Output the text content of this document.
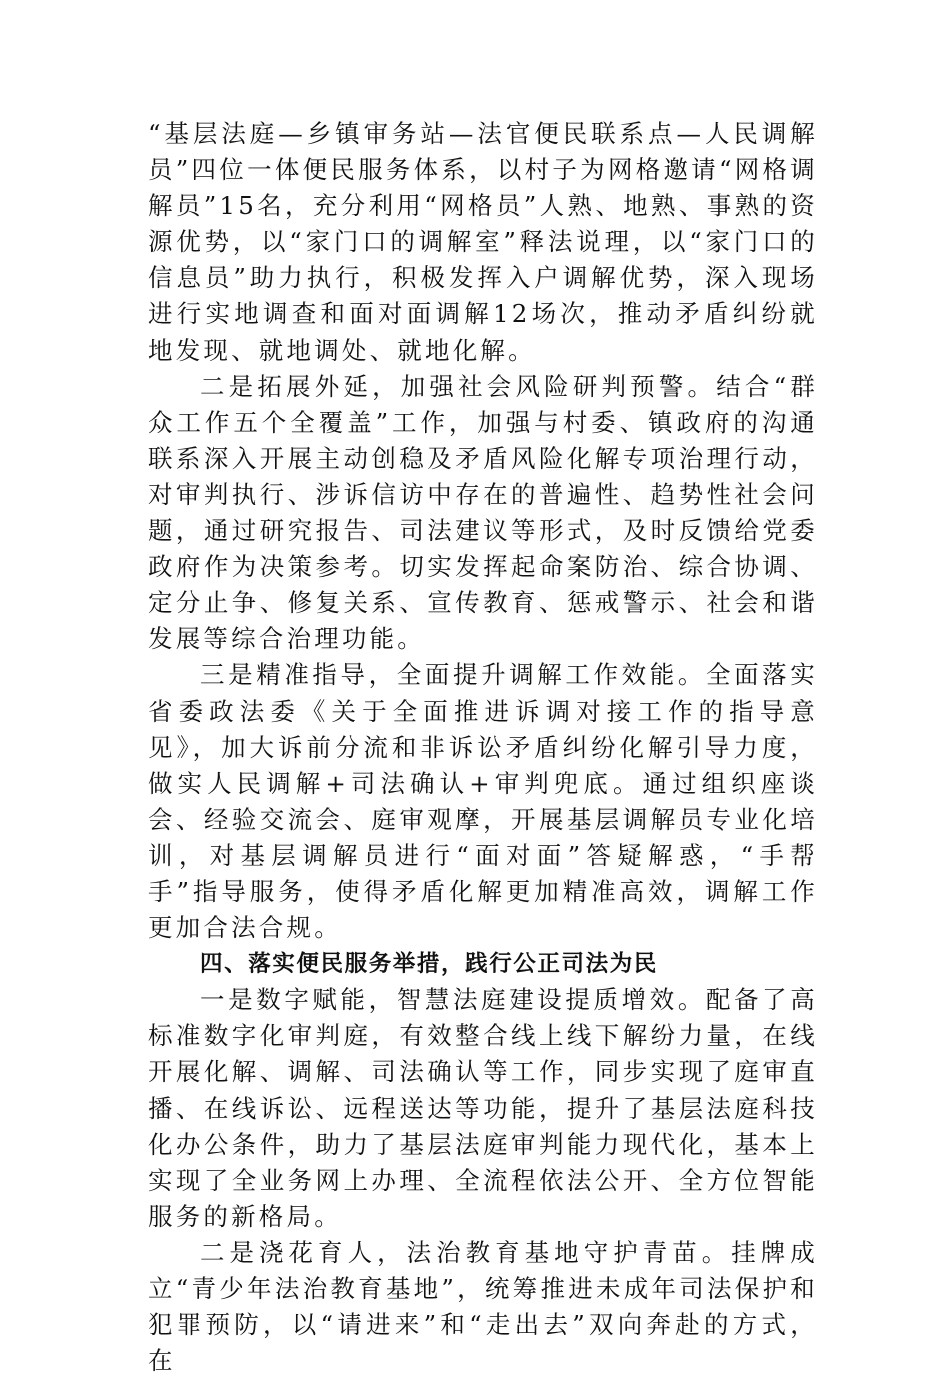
“基层法庭—乡镇审务站—法官便民联系点—人民调解员”四位一体便民服务体系，以村子为网格邀请“网格调解员”15名，充分利用“网格员”人熟、地熟、事熟的资源优势，以“家门口的调解室”释法说理，以“家门口的信息员”助力执行，积极发挥入户调解优势，深入现场进行实地调查和面对面调解12场次，推动矛盾纠纷就地发现、就地调处、就地化解。

二是拓展外延，加强社会风险研判预警。结合“群众工作五个全覆盖”工作，加强与村委、镇政府的沟通联系深入开展主动创稳及矛盾风险化解专项治理行动，对审判执行、涉诉信访中存在的普遍性、趋势性社会问题，通过研究报告、司法建议等形式，及时反馈给党委政府作为决策参考。切实发挥起命案防治、综合协调、定分止争、修复关系、宣传教育、惩戒警示、社会和谐发展等综合治理功能。

三是精准指导，全面提升调解工作效能。全面落实省委政法委《关于全面推进诉调对接工作的指导意见》，加大诉前分流和非诉讼矛盾纠纷化解引导力度，做实人民调解+司法确认+审判兜底。通过组织座谈会、经验交流会、庭审观摩，开展基层调解员专业化培训，对基层调解员进行“面对面”答疑解惑，“手帮手”指导服务，使得矛盾化解更加精准高效，调解工作更加合法合规。

四、落实便民服务举措，践行公正司法为民

一是数字赋能，智慧法庭建设提质增效。配备了高标准数字化审判庭，有效整合线上线下解纷力量，在线开展化解、调解、司法确认等工作，同步实现了庭审直播、在线诉讼、远程送达等功能，提升了基层法庭科技化办公条件，助力了基层法庭审判能力现代化，基本上实现了全业务网上办理、全流程依法公开、全方位智能服务的新格局。

二是浇花育人，法治教育基地守护青苗。挂牌成立“青少年法治教育基地”，统筹推进未成年司法保护和犯罪预防，以“请进来”和“走出去”双向奔赴的方式，在
